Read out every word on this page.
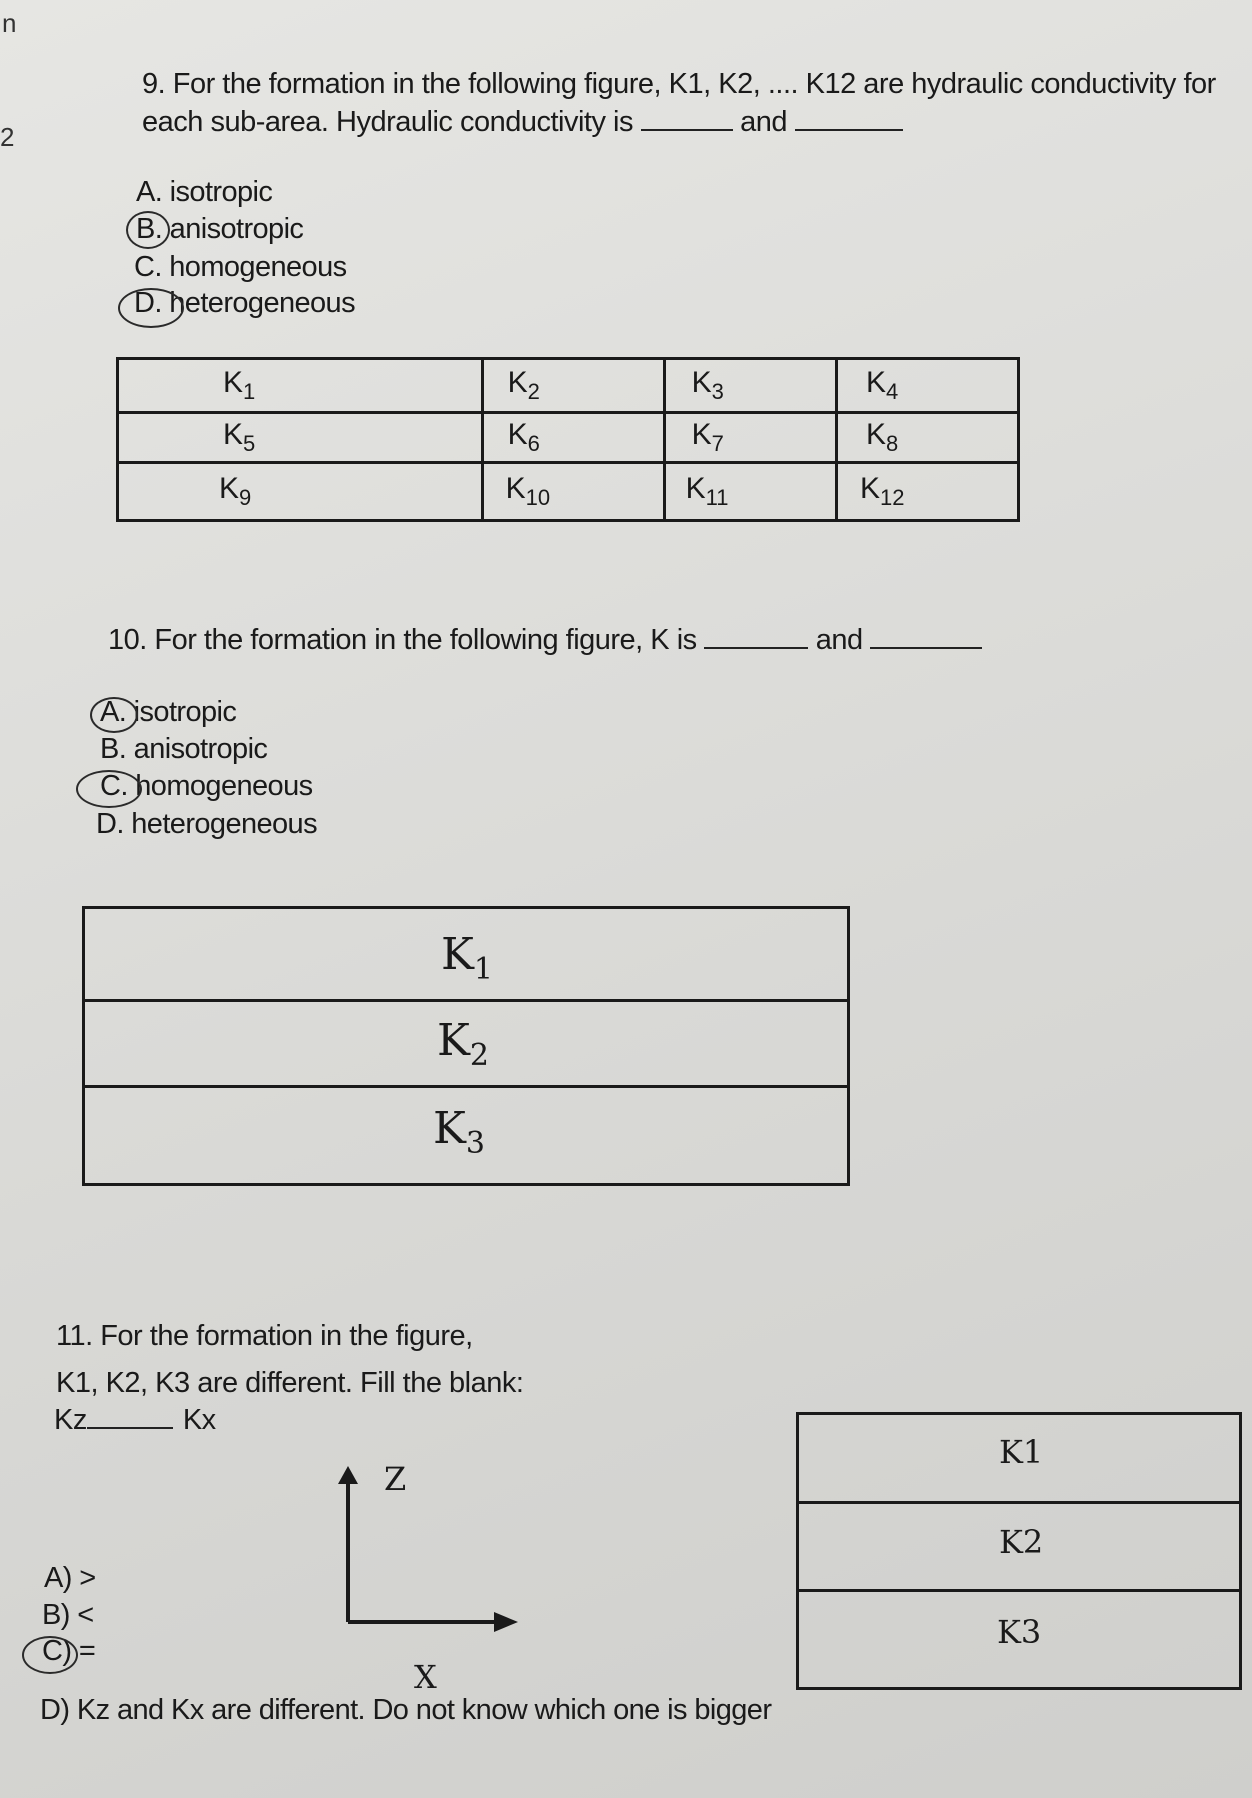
n
2
9. For the formation in the following figure, K1, K2, .... K12 are hydraulic conductivity for
each sub-area. Hydraulic conductivity is	and
A. isotropic
B. anisotropic
C. homogeneous
D. heterogeneous
$K_1$	$K_2$	$K_3$	$K_4$
$K_5$	$K_6$	$K_7$	$K_8$
$K_9$	$K_{10}$	$K_{11}$	$K_{12}$
10. For the formation in the following figure, K is	and
A. isotropic
B. anisotropic
C. homogeneous
D. heterogeneous
$K_1$
$K_2$
$K_3$
11. For the formation in the figure,
K1, K2, K3 are different. Fill the blank:
Kz	Kx
Z
X
A) >
B) <
C) =
D) Kz and Kx are different. Do not know which one is bigger
K1
K2
K3
